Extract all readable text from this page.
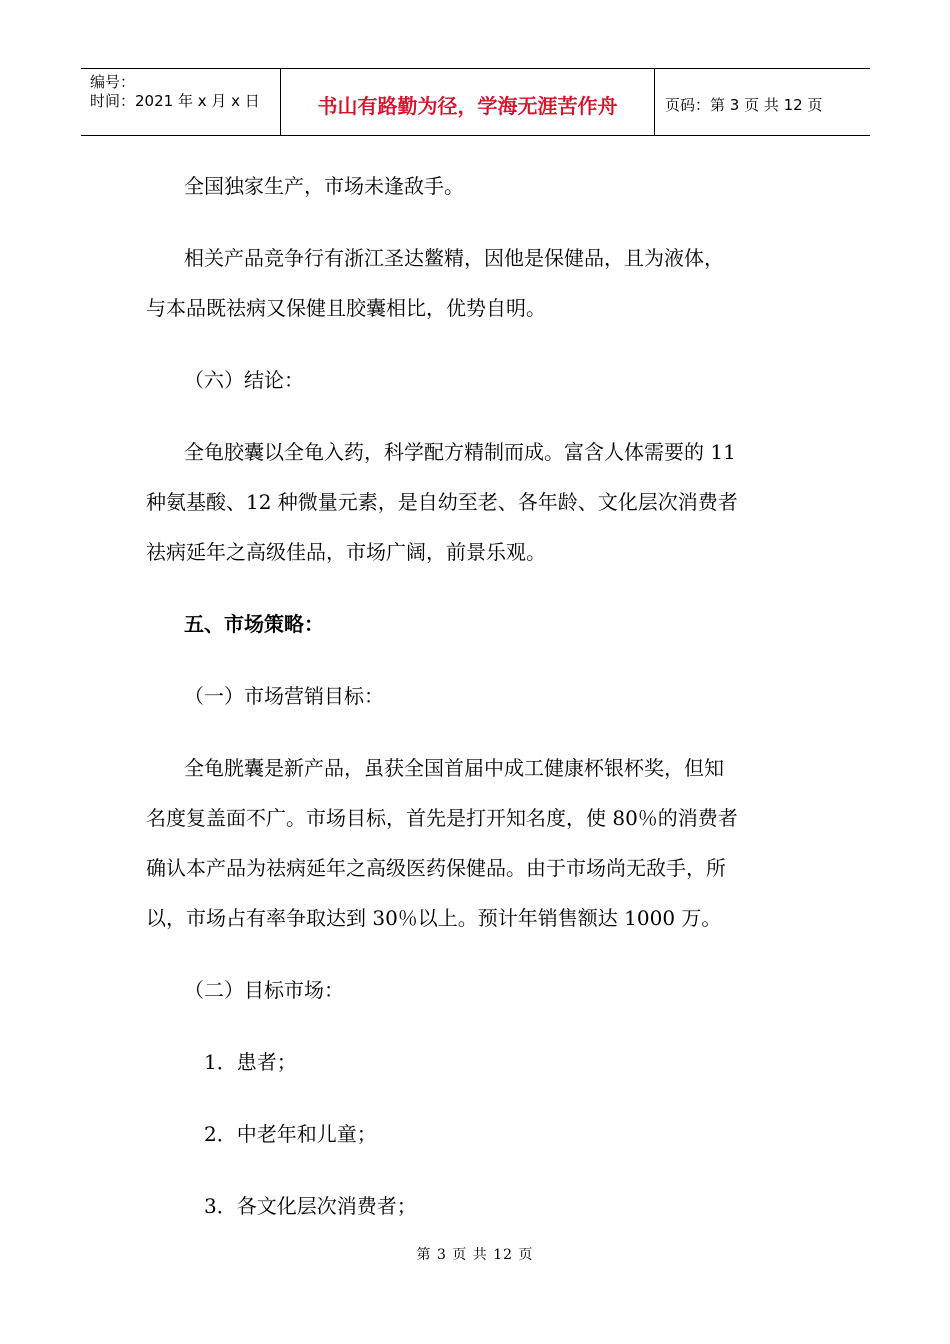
编号：
时间：2021 年 x 月 x 日	书山有路勤为径，学海无涯苦作舟	页码：第 3 页 共 12 页

全国独家生产，市场未逢敌手。

相关产品竞争行有浙江圣达鳖精，因他是保健品，且为液体，

与本品既祛病又保健且胶囊相比，优势自明。

（六）结论：

全龟胶囊以全龟入药，科学配方精制而成。富含人体需要的 11

种氨基酸、12 种微量元素，是自幼至老、各年龄、文化层次消费者

祛病延年之高级佳品，市场广阔，前景乐观。

五、市场策略：

（一）市场营销目标：

全龟胱囊是新产品，虽获全国首届中成工健康杯银杯奖，但知

名度复盖面不广。市场目标，首先是打开知名度，使 80％的消费者

确认本产品为祛病延年之高级医药保健品。由于市场尚无敌手，所

以，市场占有率争取达到 30％以上。预计年销售额达 1000 万。

（二）目标市场：

1．患者；

2．中老年和儿童；

3．各文化层次消费者；

第 3 页 共 12 页
